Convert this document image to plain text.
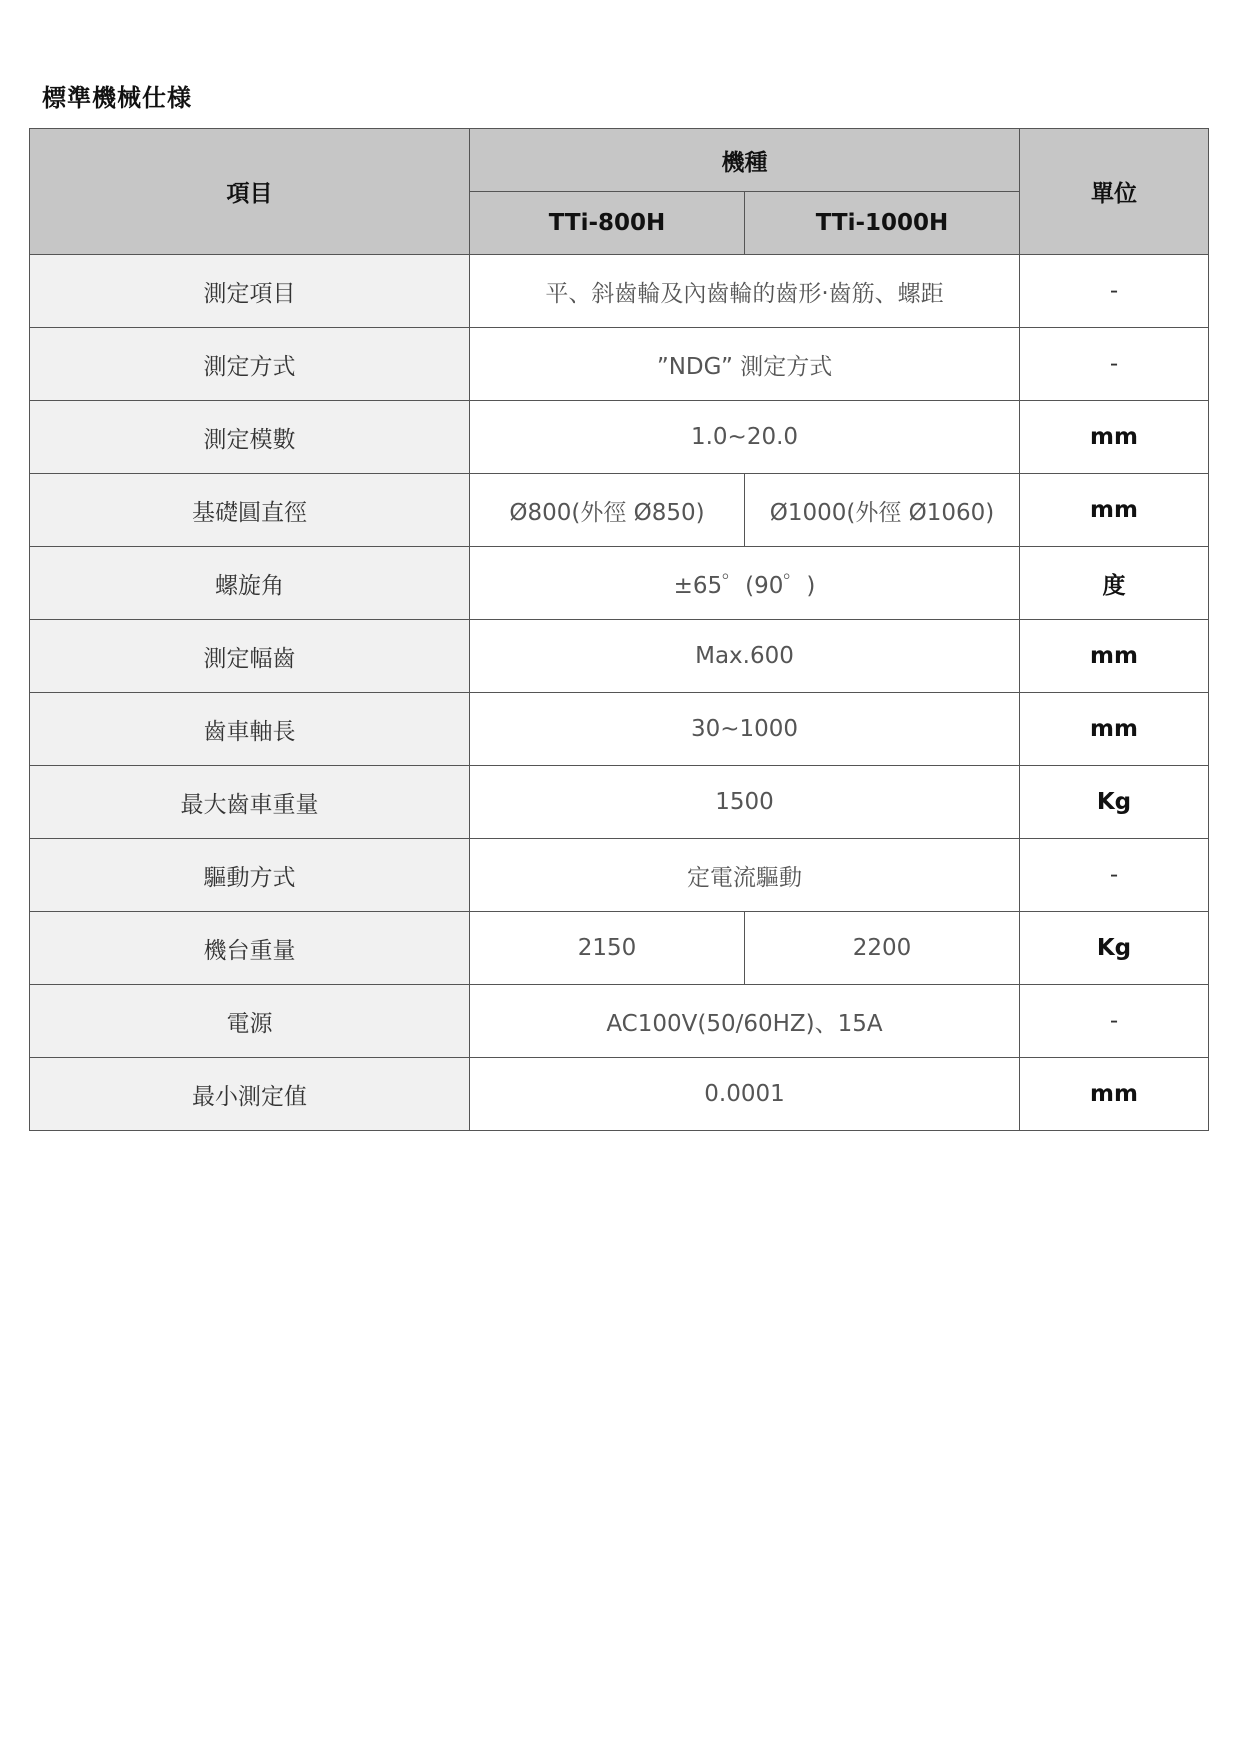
標準機械仕様
項目	機種		單位
	TTi-800H	TTi-1000H	
測定項目	平、斜齒輪及內齒輪的齒形‧齒筋、螺距		-
測定方式	”NDG” 測定方式		-
測定模數	1.0~20.0		mm
基礎圓直徑	Ø800(外徑 Ø850)	Ø1000(外徑 Ø1060)	mm
螺旋角	±65゜(90゜)		度
測定幅齒	Max.600		mm
齒車軸長	30~1000		mm
最大齒車重量	1500		Kg
驅動方式	定電流驅動		-
機台重量	2150	2200	Kg
電源	AC100V(50/60HZ)、15A		-
最小測定值	0.0001		mm
